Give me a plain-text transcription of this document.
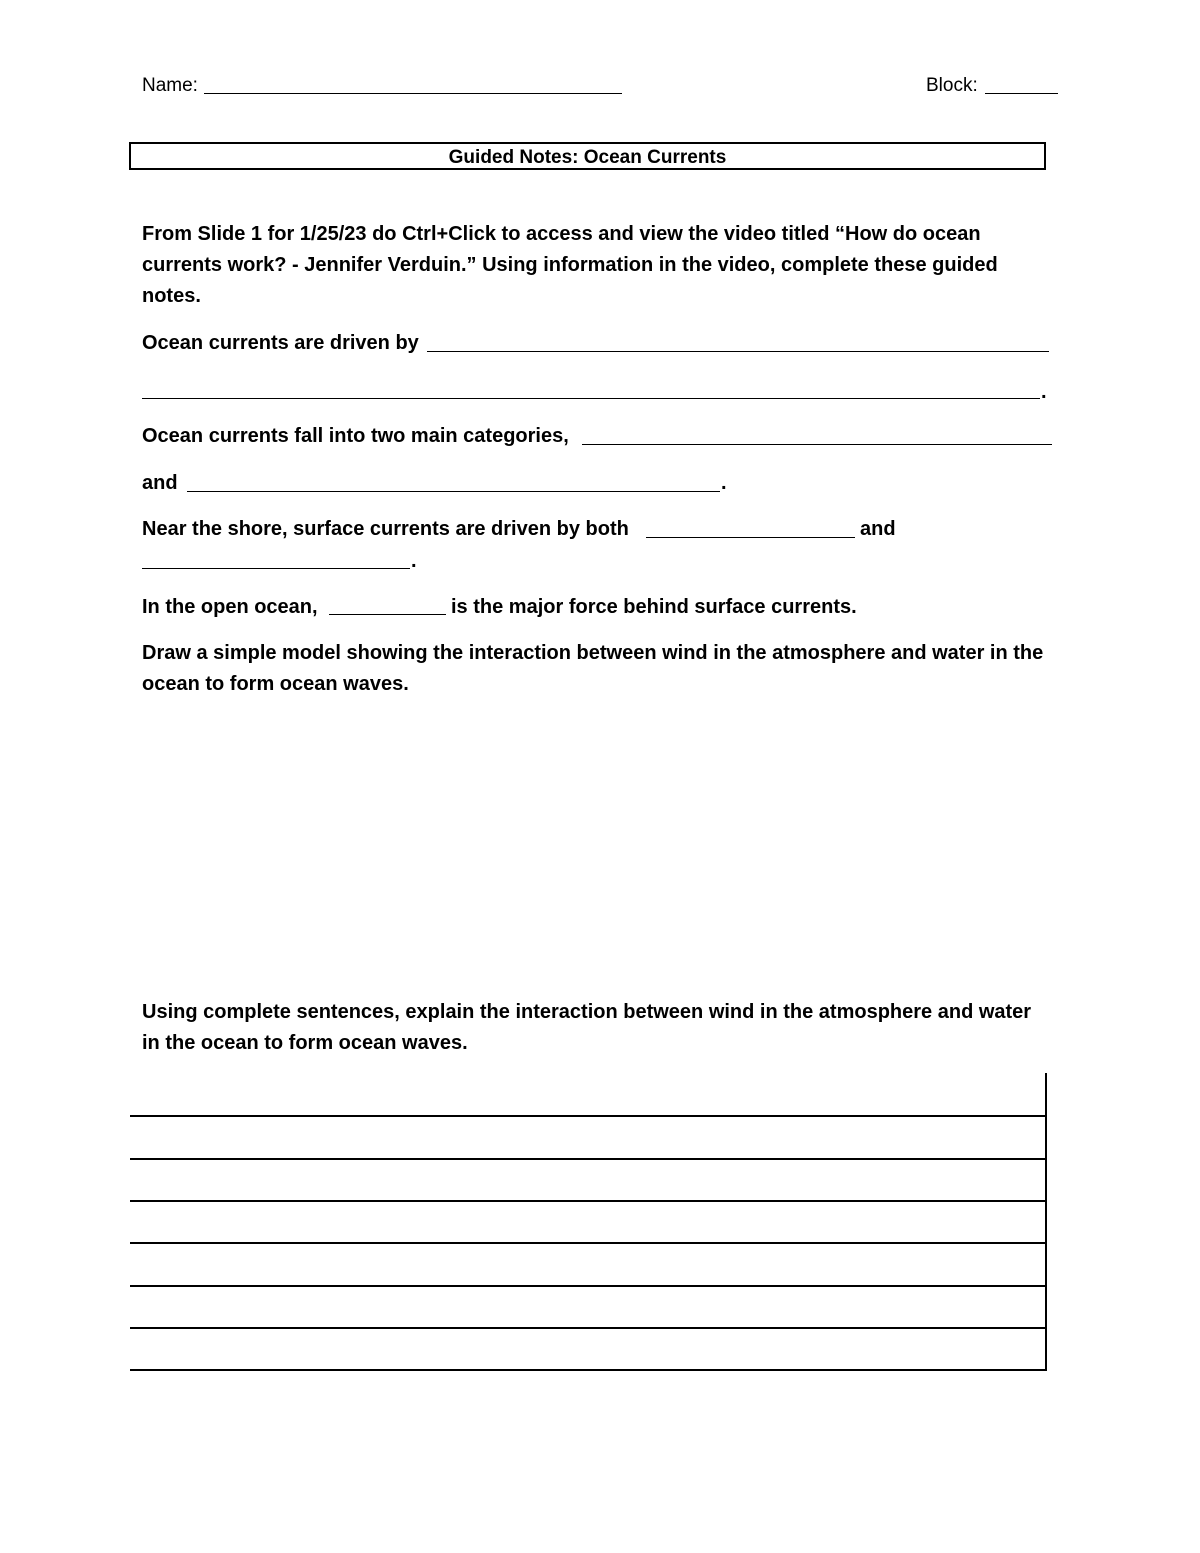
Name:	Block:
Guided Notes: Ocean Currents
From Slide 1 for 1/25/23 do Ctrl+Click to access and view the video titled “How do ocean currents work? - Jennifer Verduin.” Using information in the video, complete these guided notes.
Ocean currents are driven by
.
Ocean currents fall into two main categories,
and	.
Near the shore, surface currents are driven by both	and
.
In the open ocean,	is the major force behind surface currents.
Draw a simple model showing the interaction between wind in the atmosphere and water in the ocean to form ocean waves.
Using complete sentences, explain the interaction between wind in the atmosphere and water in the ocean to form ocean waves.
